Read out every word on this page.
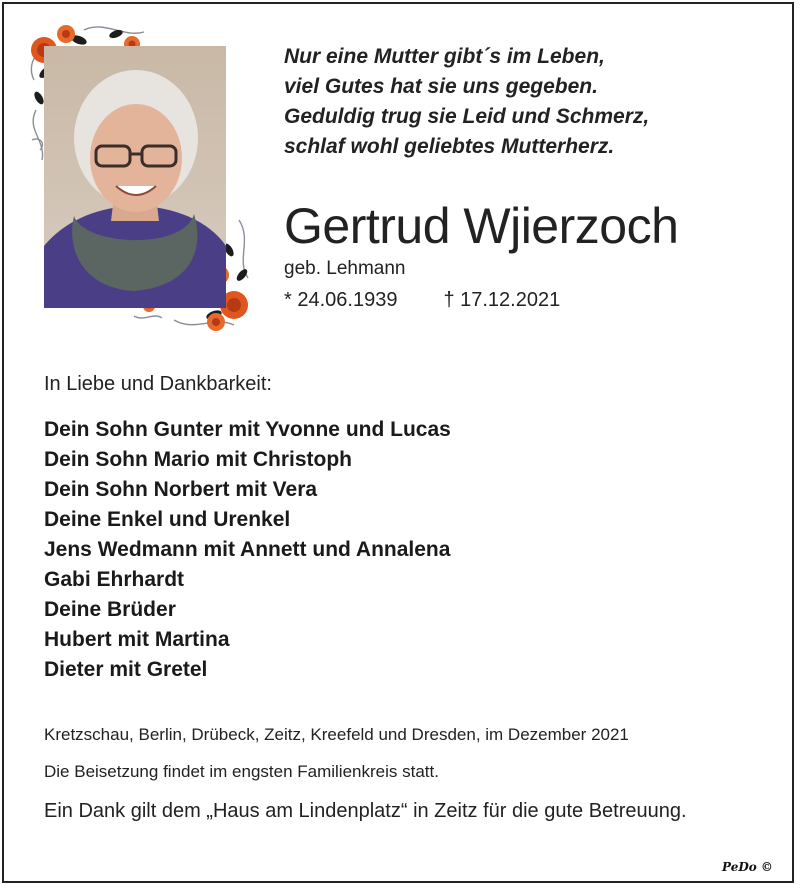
Nur eine Mutter gibt´s im Leben,
viel Gutes hat sie uns gegeben.
Geduldig trug sie Leid und Schmerz,
schlaf wohl geliebtes Mutterherz.
Gertrud Wjierzoch
geb. Lehmann
* 24.06.1939 † 17.12.2021
In Liebe und Dankbarkeit:
Dein Sohn Gunter mit Yvonne und Lucas
Dein Sohn Mario mit Christoph
Dein Sohn Norbert mit Vera
Deine Enkel und Urenkel
Jens Wedmann mit Annett und Annalena
Gabi Ehrhardt
Deine Brüder
Hubert mit Martina
Dieter mit Gretel
Kretzschau, Berlin, Drübeck, Zeitz, Kreefeld und Dresden, im Dezember 2021
Die Beisetzung findet im engsten Familienkreis statt.
Ein Dank gilt dem „Haus am Lindenplatz“ in Zeitz für die gute Betreuung.
PeDo ©
